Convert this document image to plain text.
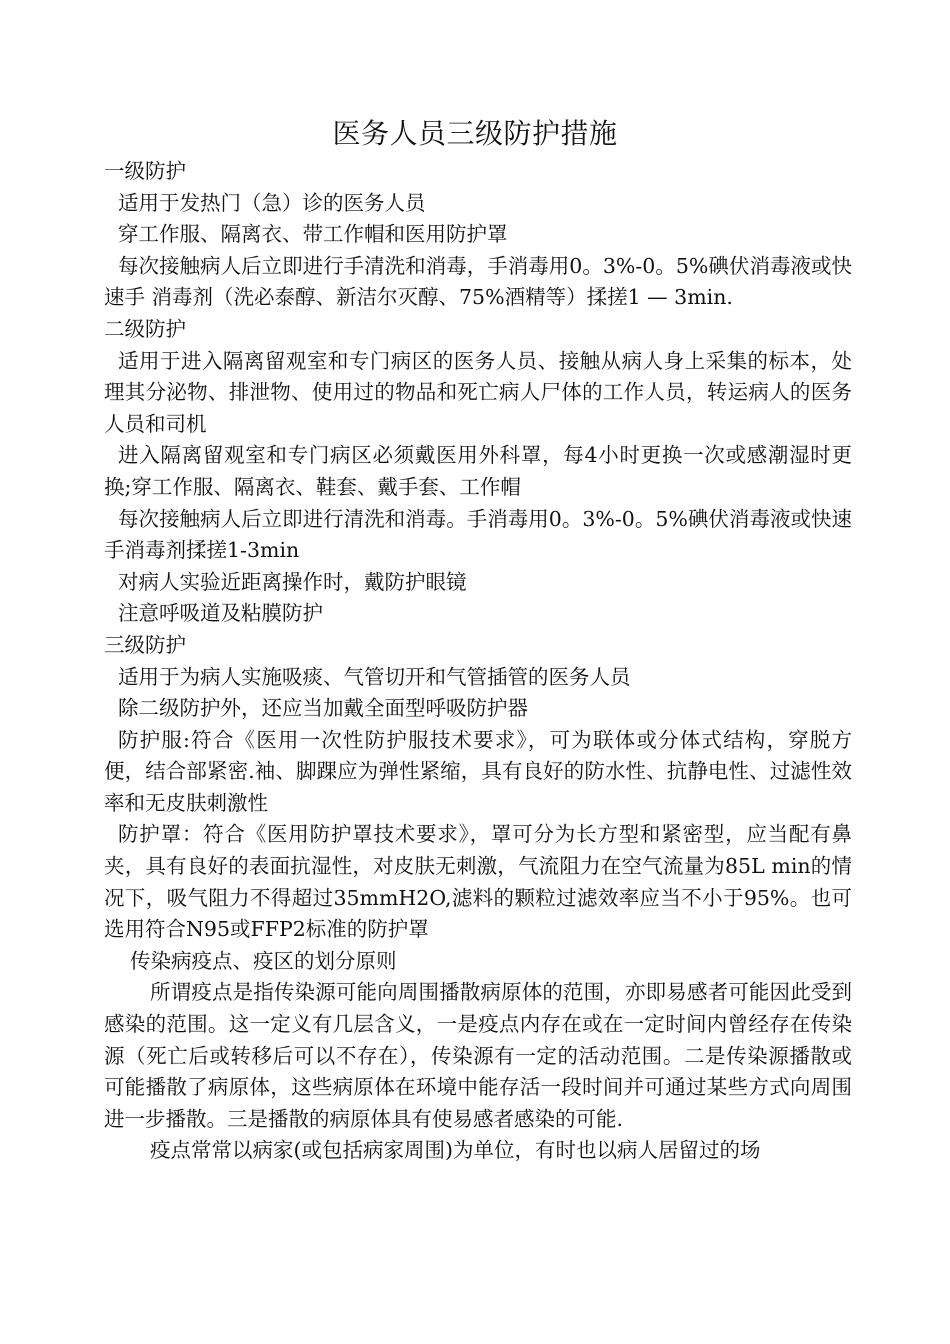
医务人员三级防护措施

一级防护

适用于发热门（急）诊的医务人员

穿工作服、隔离衣、带工作帽和医用防护罩

每次接触病人后立即进行手清洗和消毒，手消毒用0。3%-0。5%碘伏消毒液或快速手 消毒剂（洗必泰醇、新洁尔灭醇、75%酒精等）揉搓1 — 3min.

二级防护

适用于进入隔离留观室和专门病区的医务人员、接触从病人身上采集的标本，处理其分泌物、排泄物、使用过的物品和死亡病人尸体的工作人员，转运病人的医务人员和司机

进入隔离留观室和专门病区必须戴医用外科罩，每4小时更换一次或感潮湿时更换;穿工作服、隔离衣、鞋套、戴手套、工作帽

每次接触病人后立即进行清洗和消毒。手消毒用0。3%-0。5%碘伏消毒液或快速手消毒剂揉搓1-3min

对病人实验近距离操作时，戴防护眼镜

注意呼吸道及粘膜防护

三级防护

适用于为病人实施吸痰、气管切开和气管插管的医务人员

除二级防护外，还应当加戴全面型呼吸防护器

防护服:符合《医用一次性防护服技术要求》，可为联体或分体式结构，穿脱方便，结合部紧密.袖、脚踝应为弹性紧缩，具有良好的防水性、抗静电性、过滤性效率和无皮肤刺激性

防护罩：符合《医用防护罩技术要求》，罩可分为长方型和紧密型，应当配有鼻夹，具有良好的表面抗湿性，对皮肤无刺激，气流阻力在空气流量为85L min的情况下，吸气阻力不得超过35mmH2O,滤料的颗粒过滤效率应当不小于95%。也可选用符合N95或FFP2标准的防护罩

传染病疫点、疫区的划分原则

所谓疫点是指传染源可能向周围播散病原体的范围，亦即易感者可能因此受到感染的范围。这一定义有几层含义，一是疫点内存在或在一定时间内曾经存在传染源（死亡后或转移后可以不存在），传染源有一定的活动范围。二是传染源播散或可能播散了病原体，这些病原体在环境中能存活一段时间并可通过某些方式向周围进一步播散。三是播散的病原体具有使易感者感染的可能.

疫点常常以病家(或包括病家周围)为单位，有时也以病人居留过的场
